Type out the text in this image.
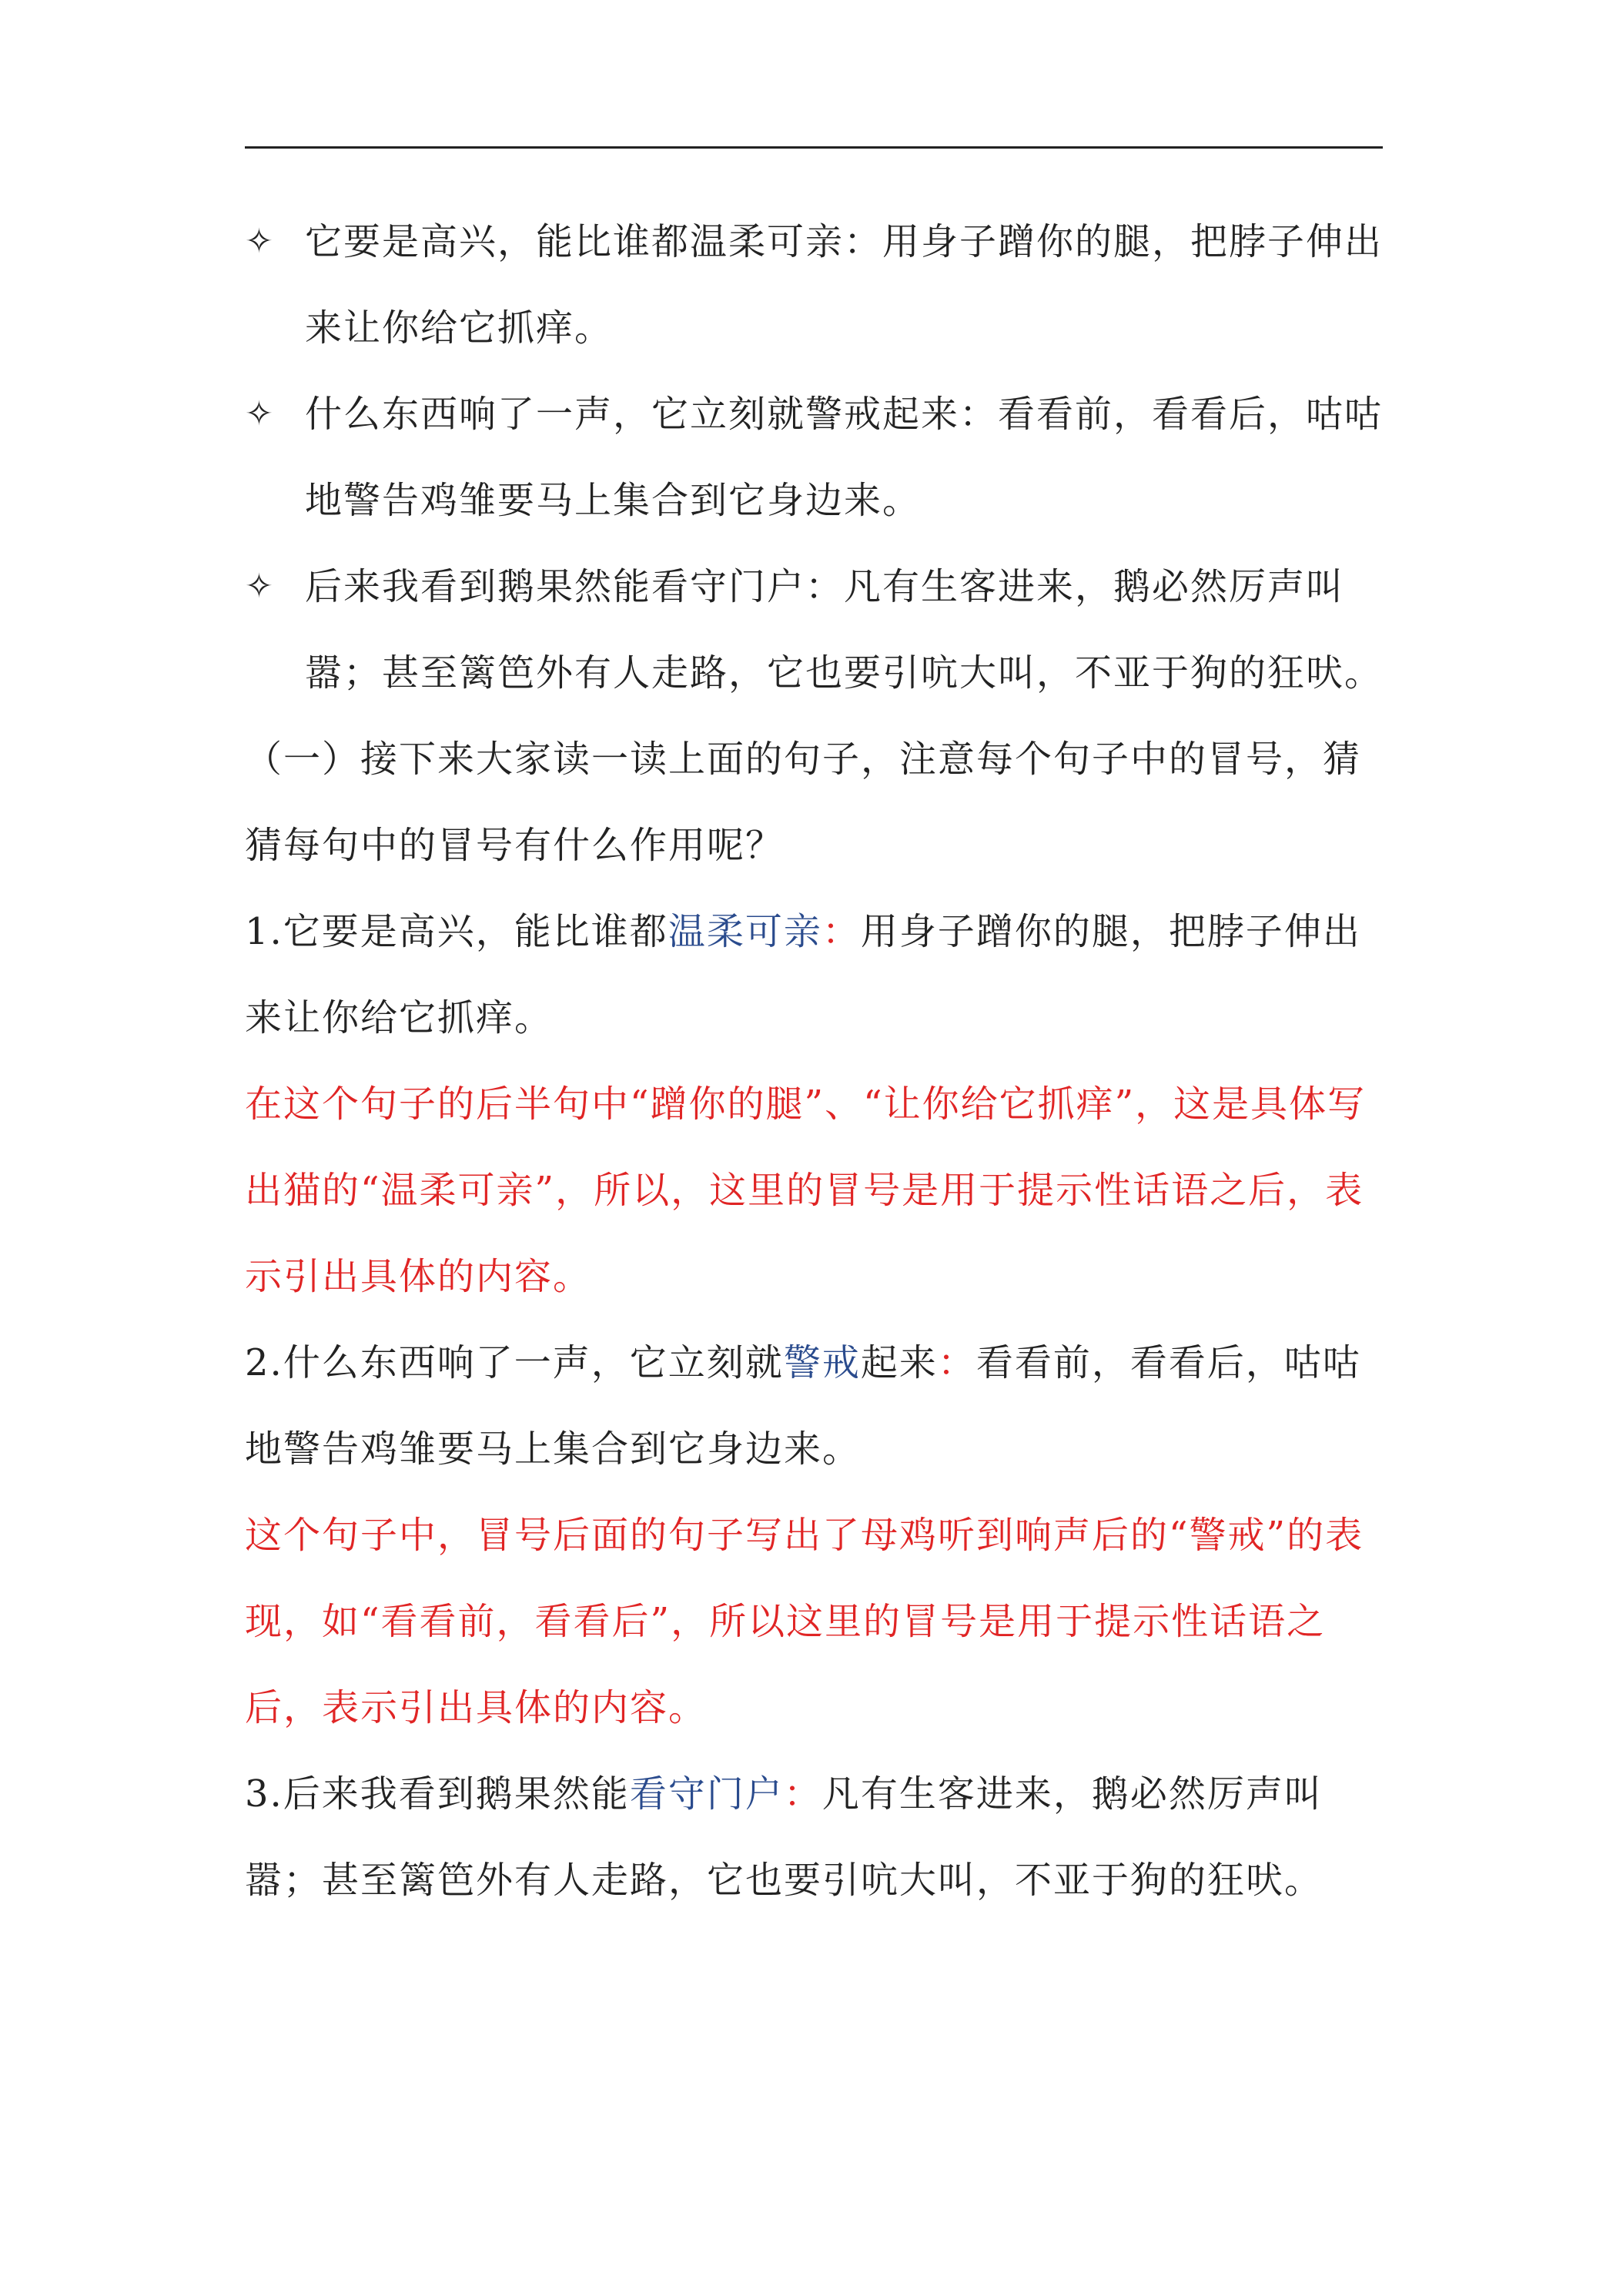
✧ 它要是高兴，能比谁都温柔可亲：用身子蹭你的腿，把脖子伸出来让你给它抓痒。
✧ 什么东西响了一声，它立刻就警戒起来：看看前，看看后，咕咕地警告鸡雏要马上集合到它身边来。
✧ 后来我看到鹅果然能看守门户：凡有生客进来，鹅必然厉声叫嚣；甚至篱笆外有人走路，它也要引吭大叫，不亚于狗的狂吠。

（一）接下来大家读一读上面的句子，注意每个句子中的冒号，猜猜每句中的冒号有什么作用呢？

1.它要是高兴，能比谁都温柔可亲：用身子蹭你的腿，把脖子伸出来让你给它抓痒。

在这个句子的后半句中“蹭你的腿”、“让你给它抓痒”，这是具体写出猫的“温柔可亲”，所以，这里的冒号是用于提示性话语之后，表示引出具体的内容。

2.什么东西响了一声，它立刻就警戒起来：看看前，看看后，咕咕地警告鸡雏要马上集合到它身边来。

这个句子中，冒号后面的句子写出了母鸡听到响声后的“警戒”的表现，如“看看前，看看后”，所以这里的冒号是用于提示性话语之后，表示引出具体的内容。

3.后来我看到鹅果然能看守门户：凡有生客进来，鹅必然厉声叫嚣；甚至篱笆外有人走路，它也要引吭大叫，不亚于狗的狂吠。
